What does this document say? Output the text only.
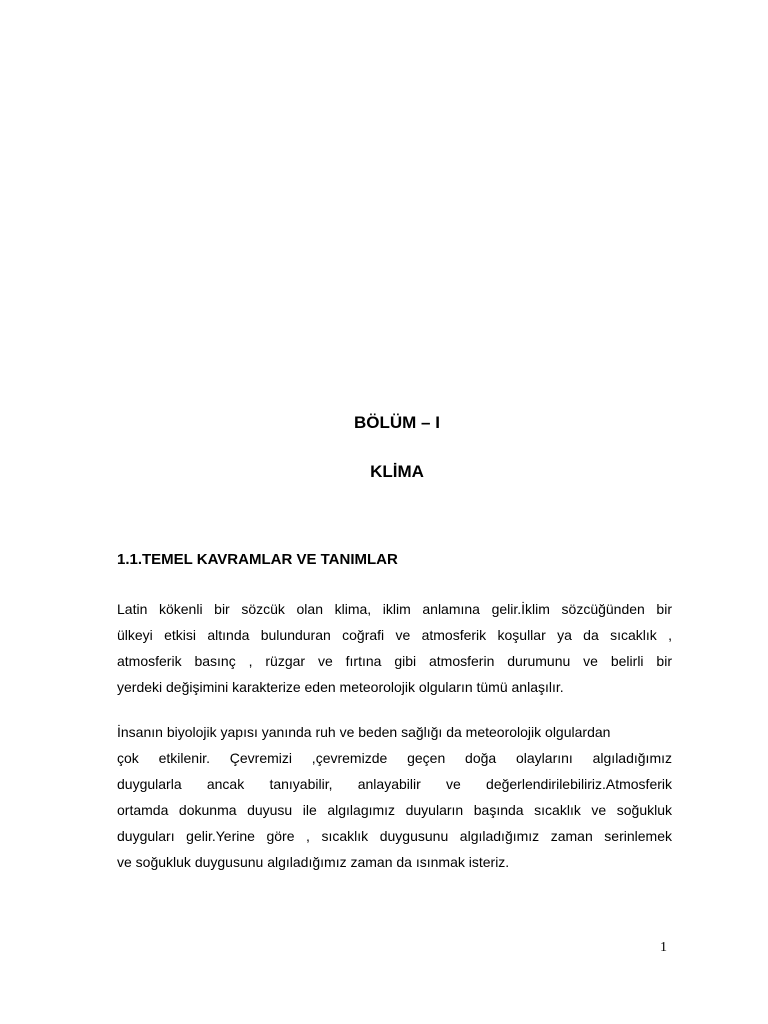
BÖLÜM – I
KLİMA
1.1.TEMEL KAVRAMLAR VE TANIMLAR
Latin kökenli bir sözcük olan klima, iklim anlamına gelir.İklim sözcüğünden bir
ülkeyi etkisi altında bulunduran coğrafi ve atmosferik koşullar ya da sıcaklık ,
atmosferik basınç , rüzgar ve fırtına gibi atmosferin durumunu ve belirli bir
yerdeki değişimini karakterize eden meteorolojik olguların tümü anlaşılır.
İnsanın biyolojik yapısı yanında ruh ve beden sağlığı da meteorolojik olgulardan
çok etkilenir. Çevremizi ,çevremizde geçen doğa olaylarını algıladığımız
duygularla ancak tanıyabilir, anlayabilir ve değerlendirilebiliriz.Atmosferik
ortamda dokunma duyusu ile algılagımız duyuların başında sıcaklık ve soğukluk
duyguları gelir.Yerine göre , sıcaklık duygusunu algıladığımız zaman serinlemek
ve soğukluk duygusunu algıladığımız zaman da ısınmak isteriz.
1
